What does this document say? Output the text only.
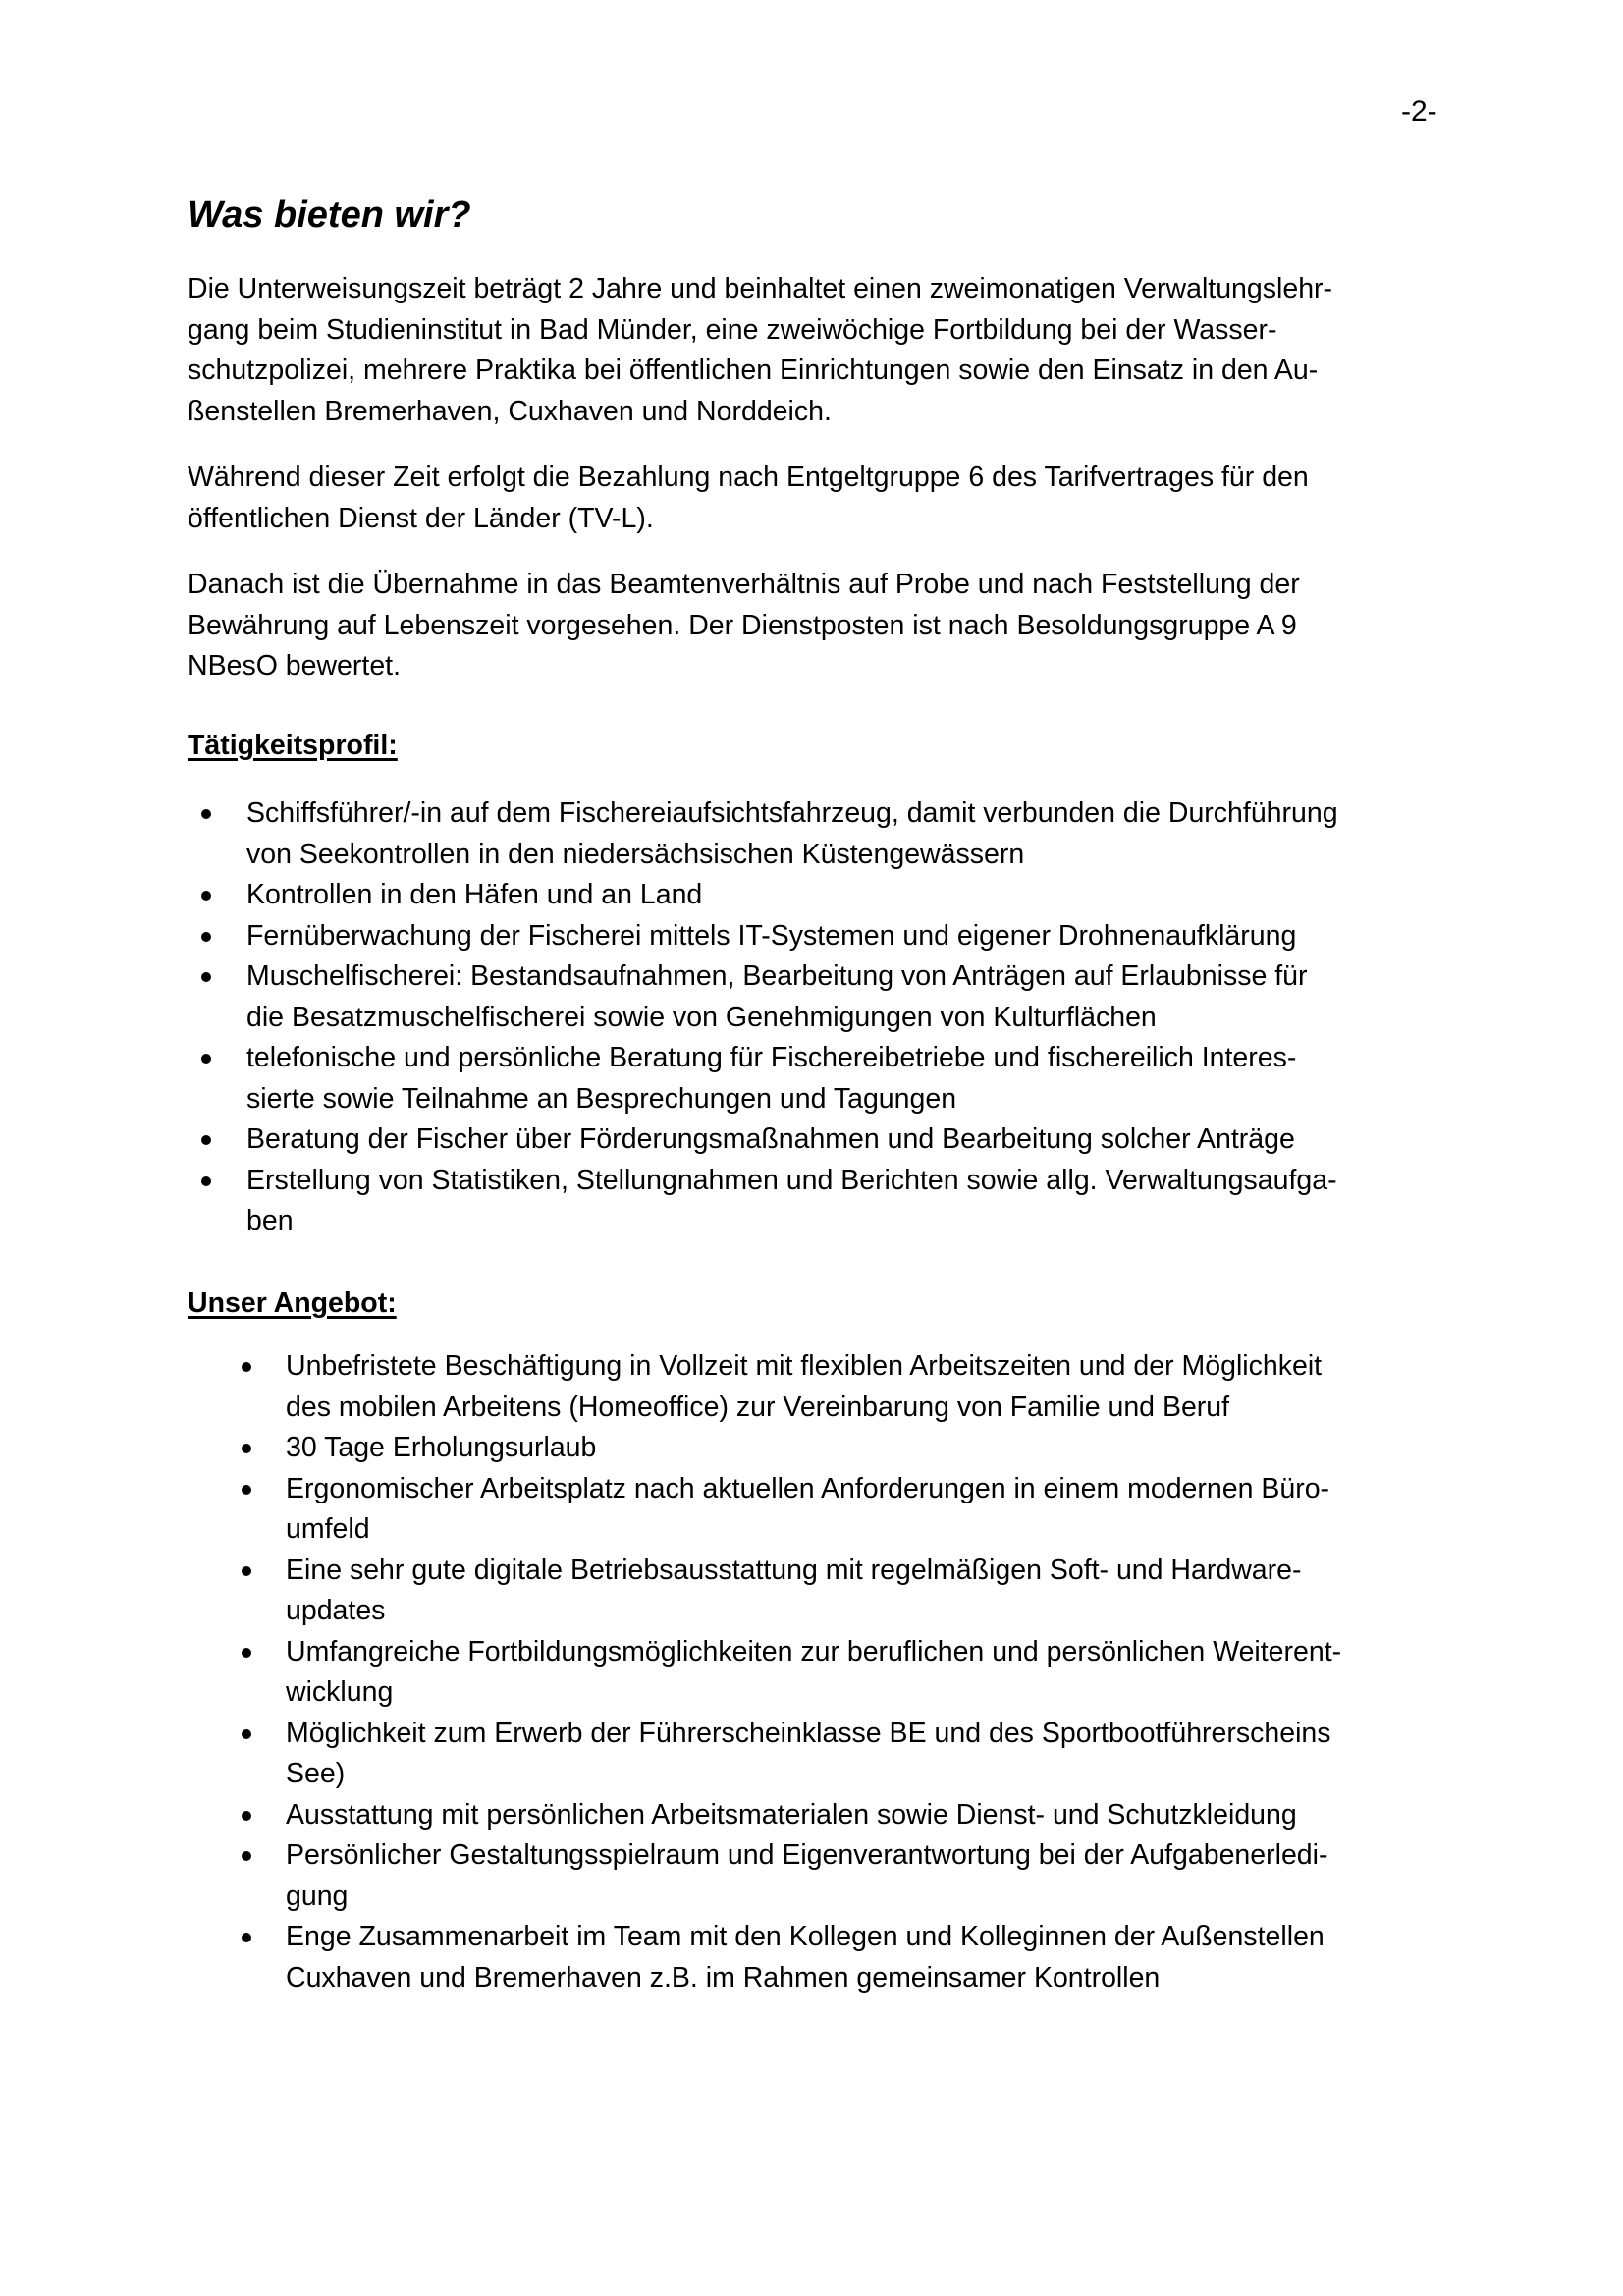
-2-
Was bieten wir?
Die Unterweisungszeit beträgt 2 Jahre und beinhaltet einen zweimonatigen Verwaltungslehr-
gang beim Studieninstitut in Bad Münder, eine zweiwöchige Fortbildung bei der Wasser-
schutzpolizei, mehrere Praktika bei öffentlichen Einrichtungen sowie den Einsatz in den Au-
ßenstellen Bremerhaven, Cuxhaven und Norddeich.
Während dieser Zeit erfolgt die Bezahlung nach Entgeltgruppe 6 des Tarifvertrages für den
öffentlichen Dienst der Länder (TV-L).
Danach ist die Übernahme in das Beamtenverhältnis auf Probe und nach Feststellung der
Bewährung auf Lebenszeit vorgesehen. Der Dienstposten ist nach Besoldungsgruppe A 9
NBesO bewertet.
Tätigkeitsprofil:
Schiffsführer/-in auf dem Fischereiaufsichtsfahrzeug, damit verbunden die Durchführung
von Seekontrollen in den niedersächsischen Küstengewässern
Kontrollen in den Häfen und an Land
Fernüberwachung der Fischerei mittels IT-Systemen und eigener Drohnenaufklärung
Muschelfischerei: Bestandsaufnahmen, Bearbeitung von Anträgen auf Erlaubnisse für
die Besatzmuschelfischerei sowie von Genehmigungen von Kulturflächen
telefonische und persönliche Beratung für Fischereibetriebe und fischereilich Interes-
sierte sowie Teilnahme an Besprechungen und Tagungen
Beratung der Fischer über Förderungsmaßnahmen und Bearbeitung solcher Anträge
Erstellung von Statistiken, Stellungnahmen und Berichten sowie allg. Verwaltungsaufga-
ben
Unser Angebot:
Unbefristete Beschäftigung in Vollzeit mit flexiblen Arbeitszeiten und der Möglichkeit
des mobilen Arbeitens (Homeoffice) zur Vereinbarung von Familie und Beruf
30 Tage Erholungsurlaub
Ergonomischer Arbeitsplatz nach aktuellen Anforderungen in einem modernen Büro-
umfeld
Eine sehr gute digitale Betriebsausstattung mit regelmäßigen Soft- und Hardware-
updates
Umfangreiche Fortbildungsmöglichkeiten zur beruflichen und persönlichen Weiterent-
wicklung
Möglichkeit zum Erwerb der Führerscheinklasse BE und des Sportbootführerscheins
See)
Ausstattung mit persönlichen Arbeitsmaterialen sowie Dienst- und Schutzkleidung
Persönlicher Gestaltungsspielraum und Eigenverantwortung bei der Aufgabenerledi-
gung
Enge Zusammenarbeit im Team mit den Kollegen und Kolleginnen der Außenstellen
Cuxhaven und Bremerhaven z.B. im Rahmen gemeinsamer Kontrollen
